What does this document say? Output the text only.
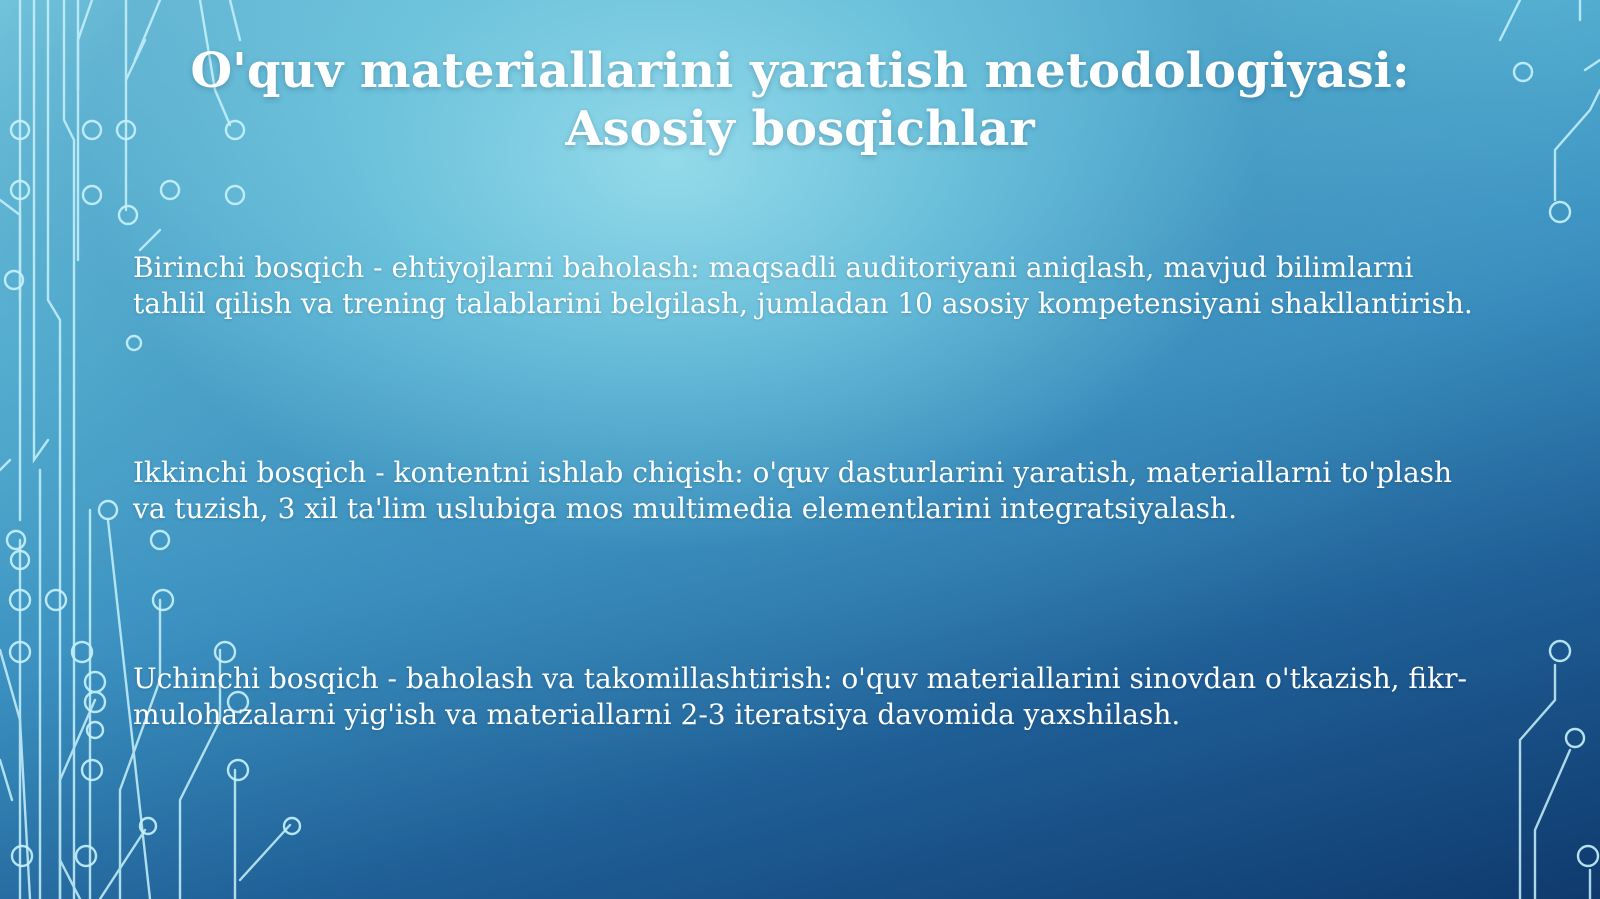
O'quv materiallarini yaratish metodologiyasi: Asosiy bosqichlar
Birinchi bosqich - ehtiyojlarni baholash: maqsadli auditoriyani aniqlash, mavjud bilimlarni tahlil qilish va trening talablarini belgilash, jumladan 10 asosiy kompetensiyani shakllantirish.
Ikkinchi bosqich - kontentni ishlab chiqish: o'quv dasturlarini yaratish, materiallarni to'plash va tuzish, 3 xil ta'lim uslubiga mos multimedia elementlarini integratsiyalash.
Uchinchi bosqich - baholash va takomillashtirish: o'quv materiallarini sinovdan o'tkazish, fikr-mulohazalarni yig'ish va materiallarni 2-3 iteratsiya davomida yaxshilash.
